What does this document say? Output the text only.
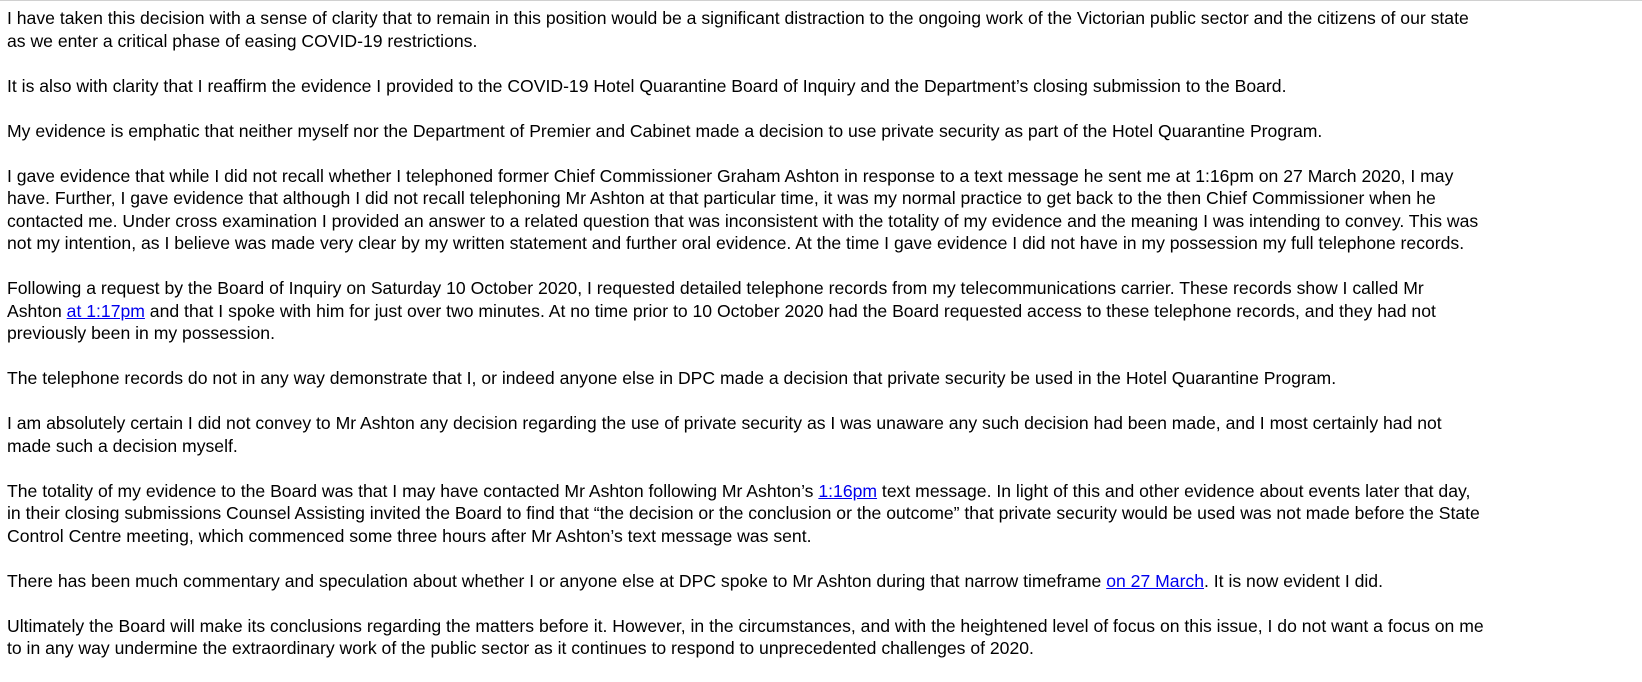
I have taken this decision with a sense of clarity that to remain in this position would be a significant distraction to the ongoing work of the Victorian public sector and the citizens of our state
as we enter a critical phase of easing COVID-19 restrictions.

It is also with clarity that I reaffirm the evidence I provided to the COVID-19 Hotel Quarantine Board of Inquiry and the Department’s closing submission to the Board.

My evidence is emphatic that neither myself nor the Department of Premier and Cabinet made a decision to use private security as part of the Hotel Quarantine Program.

I gave evidence that while I did not recall whether I telephoned former Chief Commissioner Graham Ashton in response to a text message he sent me at 1:16pm on 27 March 2020, I may
have. Further, I gave evidence that although I did not recall telephoning Mr Ashton at that particular time, it was my normal practice to get back to the then Chief Commissioner when he
contacted me. Under cross examination I provided an answer to a related question that was inconsistent with the totality of my evidence and the meaning I was intending to convey. This was
not my intention, as I believe was made very clear by my written statement and further oral evidence. At the time I gave evidence I did not have in my possession my full telephone records.

Following a request by the Board of Inquiry on Saturday 10 October 2020, I requested detailed telephone records from my telecommunications carrier. These records show I called Mr
Ashton at 1:17pm and that I spoke with him for just over two minutes. At no time prior to 10 October 2020 had the Board requested access to these telephone records, and they had not
previously been in my possession.

The telephone records do not in any way demonstrate that I, or indeed anyone else in DPC made a decision that private security be used in the Hotel Quarantine Program.

I am absolutely certain I did not convey to Mr Ashton any decision regarding the use of private security as I was unaware any such decision had been made, and I most certainly had not
made such a decision myself.

The totality of my evidence to the Board was that I may have contacted Mr Ashton following Mr Ashton’s 1:16pm text message. In light of this and other evidence about events later that day,
in their closing submissions Counsel Assisting invited the Board to find that “the decision or the conclusion or the outcome” that private security would be used was not made before the State
Control Centre meeting, which commenced some three hours after Mr Ashton’s text message was sent.

There has been much commentary and speculation about whether I or anyone else at DPC spoke to Mr Ashton during that narrow timeframe on 27 March. It is now evident I did.

Ultimately the Board will make its conclusions regarding the matters before it. However, in the circumstances, and with the heightened level of focus on this issue, I do not want a focus on me
to in any way undermine the extraordinary work of the public sector as it continues to respond to unprecedented challenges of 2020.
